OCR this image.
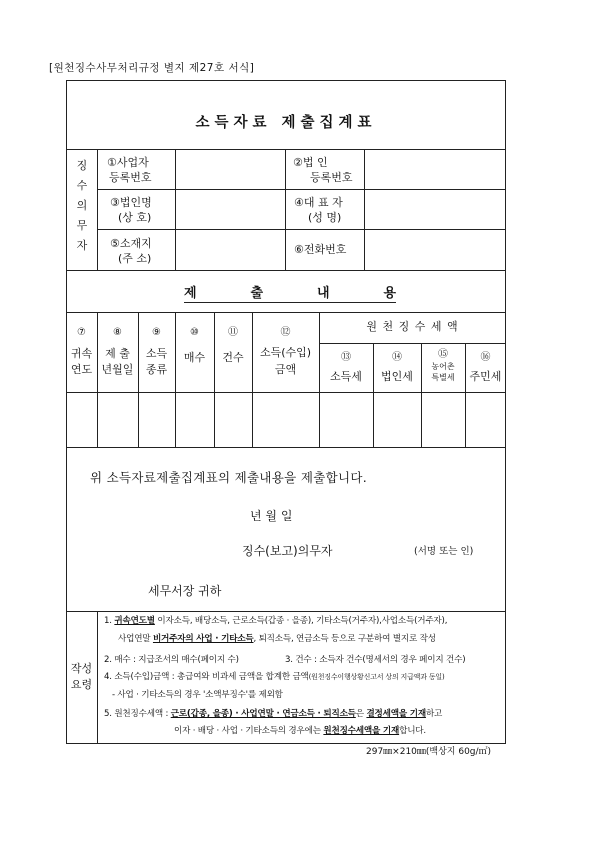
[원천징수사무처리규정 별지 제27호 서식]
소득자료 제출집계표
징
수
의
무
자
①사업자
등록번호
②법 인
등록번호
③법인명
(상 호)
④대 표 자
(성 명)
⑤소재지
(주 소)
⑥전화번호
제 출 내 용
⑦
귀속
연도
⑧
제 출
년월일
⑨
소득
종류
⑩
매수
⑪
건수
⑫
소득(수입)
금액
원 천 징 수 세 액
⑬
소득세
⑭
법인세
⑮
농어촌
특별세
⑯
주민세
위 소득자료제출집계표의 제출내용을 제출합니다.
년 월 일
징수(보고)의무자	(서명 또는 인)
세무서장 귀하
작성
요령
1. 귀속연도별 이자소득, 배당소득, 근로소득(갑종 · 을종), 기타소득(거주자),사업소득(거주자),
사업연말 비거주자의 사업 · 기타소득, 퇴직소득, 연금소득 등으로 구분하여 별지로 작성
2. 매수 : 지급조서의 매수(페이지 수)	3. 건수 : 소득자 건수(명세서의 경우 페이지 건수)
4. 소득(수입)금액 : 총급여와 비과세 금액을 합계한 금액(원천징수이행상황신고서 상의 지급액과 동일)
- 사업 · 기타소득의 경우 '소액부징수'를 제외함
5. 원천징수세액 : 근로(갑종, 을종) · 사업연말 · 연금소득 · 퇴직소득은 결정세액을 기재하고
이자 · 배당 · 사업 · 기타소득의 경우에는 원천징수세액을 기재합니다.
297㎜×210㎜(백상지 60g/㎡)
